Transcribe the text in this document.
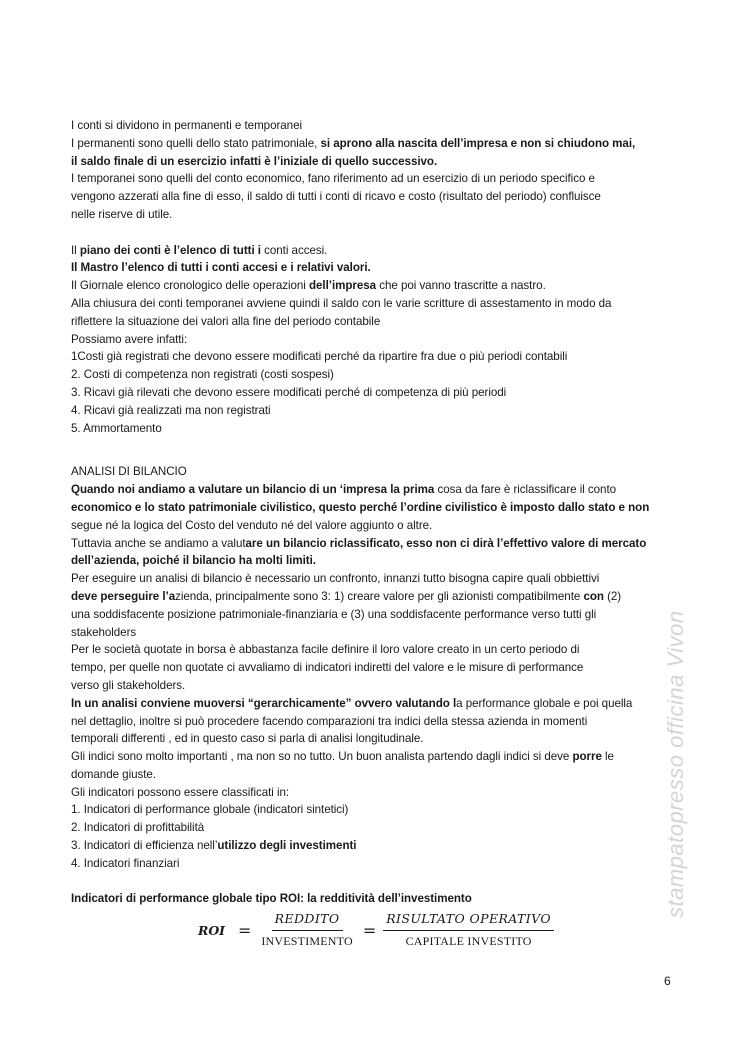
I conti si dividono in permanenti e temporanei

I permanenti sono quelli dello stato patrimoniale, si aprono alla nascita dell’impresa e non si chiudono mai,

il saldo finale di un esercizio infatti è l’iniziale di quello successivo.

I temporanei sono quelli del conto economico, fano riferimento ad un esercizio di un periodo specifico e

vengono azzerati alla fine di esso, il saldo di tutti i conti di ricavo e costo (risultato del periodo) confluisce

nelle riserve di utile.

Il piano dei conti è l’elenco di tutti i conti accesi.

Il Mastro l’elenco di tutti i conti accesi e i relativi valori.

Il Giornale elenco cronologico delle operazioni dell’impresa che poi vanno trascritte a nastro.

Alla chiusura dei conti temporanei avviene quindi il saldo con le varie scritture di assestamento in modo da

riflettere la situazione dei valori alla fine del periodo contabile

Possiamo avere infatti:

1Costi già registrati che devono essere modificati perché da ripartire fra due o più periodi contabili

2. Costi di competenza non registrati (costi sospesi)

3. Ricavi già rilevati che devono essere modificati perché di competenza di più periodi

4. Ricavi già realizzati ma non registrati

5. Ammortamento

ANALISI DI BILANCIO

Quando noi andiamo a valutare un bilancio di un ‘impresa la prima cosa da fare è riclassificare il conto

economico e lo stato patrimoniale civilistico, questo perché l’ordine civilistico è imposto dallo stato e non

segue né la logica del Costo del venduto né del valore aggiunto o altre.

Tuttavia anche se andiamo a valutare un bilancio riclassificato, esso non ci dirà l’effettivo valore di mercato

dell’azienda, poiché il bilancio ha molti limiti.

Per eseguire un analisi di bilancio è necessario un confronto, innanzi tutto bisogna capire quali obbiettivi

deve perseguire l’azienda, principalmente sono 3: 1) creare valore per gli azionisti compatibilmente con (2)

una soddisfacente posizione patrimoniale-finanziaria e (3) una soddisfacente performance verso tutti gli

stakeholders

Per le società quotate in borsa è abbastanza facile definire il loro valore creato in un certo periodo di

tempo, per quelle non quotate ci avvaliamo di indicatori indiretti del valore e le misure di performance

verso gli stakeholders.

In un analisi conviene muoversi “gerarchicamente” ovvero valutando la performance globale e poi quella

nel dettaglio, inoltre si può procedere facendo comparazioni tra indici della stessa azienda in momenti

temporali differenti , ed in questo caso si parla di analisi longitudinale.

Gli indici sono molto importanti , ma non so no tutto. Un buon analista partendo dagli indici si deve porre le

domande giuste.

Gli indicatori possono essere classificati in:

1. Indicatori di performance globale (indicatori sintetici)

2. Indicatori di profittabilità

3. Indicatori di efficienza nell’utilizzo degli investimenti

4. Indicatori finanziari

Indicatori di performance globale tipo ROI: la redditività dell’investimento

ROI = $\frac{\text{REDDITO}}{\text{INVESTIMENTO}} = \frac{\text{RISULTATO OPERATIVO}}{\text{CAPITALE INVESTITO}}$
6
stampatopresso officina Vivon
